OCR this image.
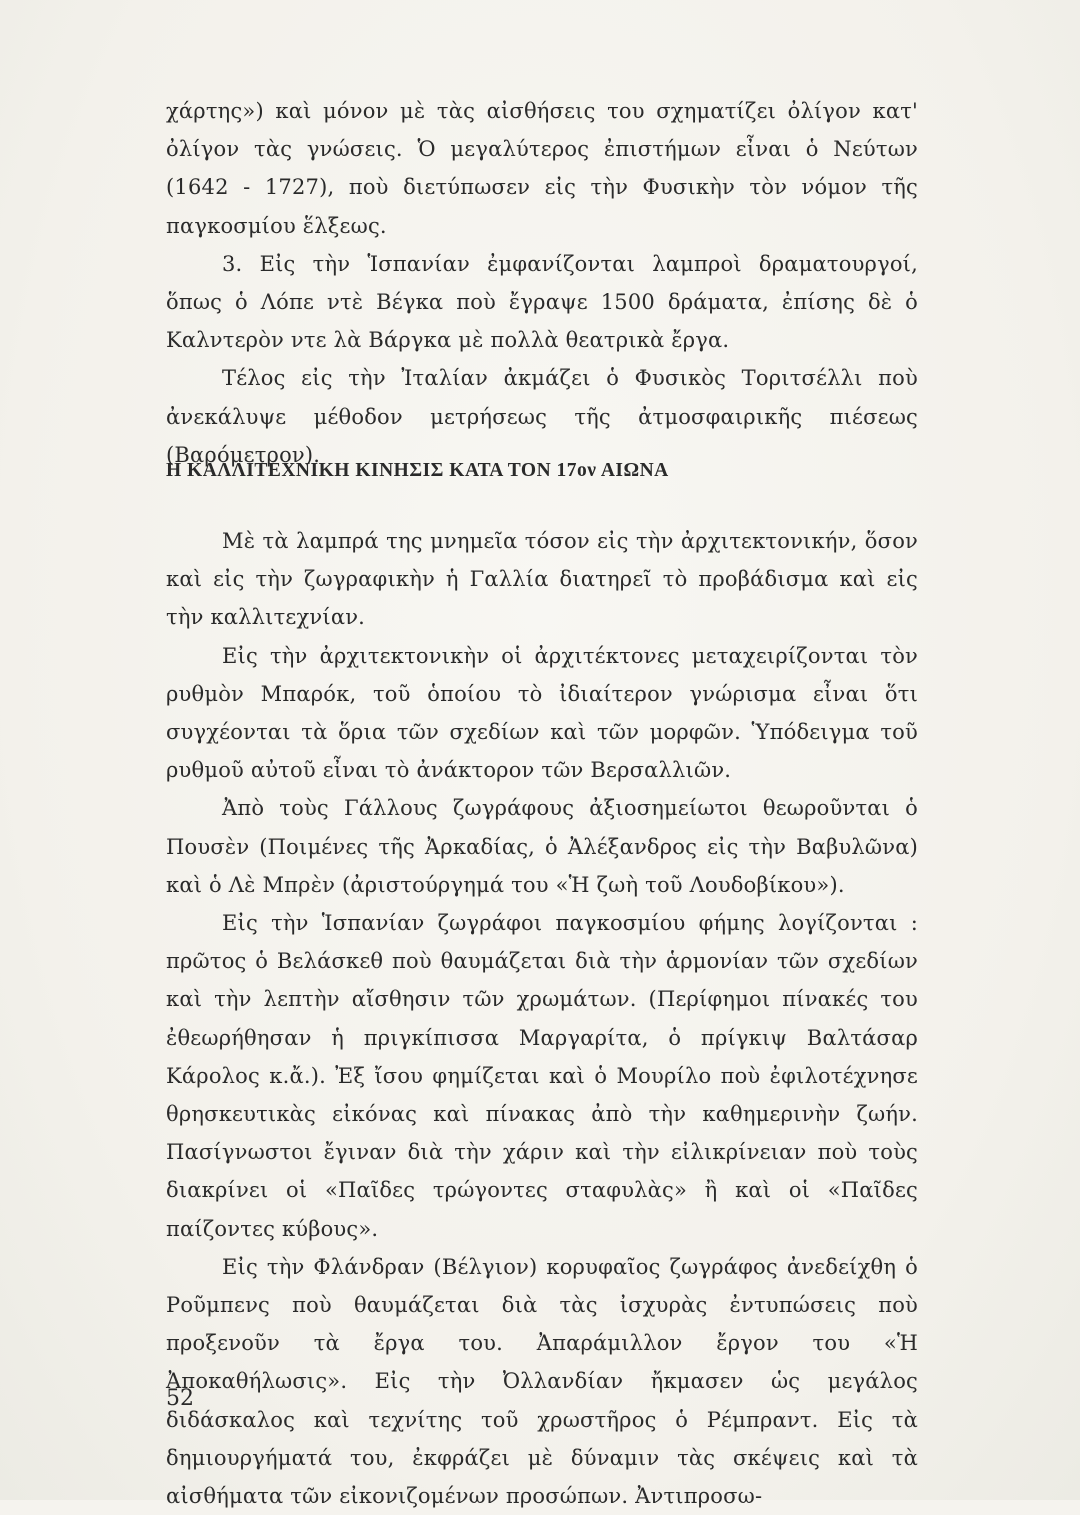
χάρτης») καὶ μόνον μὲ τὰς αἰσθήσεις του σχηματίζει ὀλίγον κατ' ὀλίγον τὰς γνώσεις. Ὁ μεγαλύτερος ἐπιστήμων εἶναι ὁ Νεύτων (1642 - 1727), ποὺ διετύπωσεν εἰς τὴν Φυσικὴν τὸν νόμον τῆς παγκοσμίου ἕλξεως.

3. Εἰς τὴν Ἱσπανίαν ἐμφανίζονται λαμπροὶ δραματουργοί, ὅπως ὁ Λόπε ντὲ Βέγκα ποὺ ἔγραψε 1500 δράματα, ἐπίσης δὲ ὁ Καλντερὸν ντε λὰ Βάργκα μὲ πολλὰ θεατρικὰ ἔργα.

Τέλος εἰς τὴν Ἰταλίαν ἀκμάζει ὁ Φυσικὸς Τοριτσέλλι ποὺ ἀνεκάλυψε μέθοδον μετρήσεως τῆς ἀτμοσφαιρικῆς πιέσεως (Βαρόμετρον).

Η ΚΑΛΛΙΤΕΧΝΙΚΗ ΚΙΝΗΣΙΣ ΚΑΤΑ ΤΟΝ 17ον ΑΙΩΝΑ

Μὲ τὰ λαμπρά της μνημεῖα τόσον εἰς τὴν ἀρχιτεκτονικήν, ὅσον καὶ εἰς τὴν ζωγραφικὴν ἡ Γαλλία διατηρεῖ τὸ προβάδισμα καὶ εἰς τὴν καλλιτεχνίαν.

Εἰς τὴν ἀρχιτεκτονικὴν οἱ ἀρχιτέκτονες μεταχειρίζονται τὸν ρυθμὸν Μπαρόκ, τοῦ ὁποίου τὸ ἰδιαίτερον γνώρισμα εἶναι ὅτι συγχέονται τὰ ὅρια τῶν σχεδίων καὶ τῶν μορφῶν. Ὑπόδειγμα τοῦ ρυθμοῦ αὐτοῦ εἶναι τὸ ἀνάκτορον τῶν Βερσαλλιῶν.

Ἀπὸ τοὺς Γάλλους ζωγράφους ἀξιοσημείωτοι θεωροῦνται ὁ Πουσὲν (Ποιμένες τῆς Ἀρκαδίας, ὁ Ἀλέξανδρος εἰς τὴν Βαβυλῶνα) καὶ ὁ Λὲ Μπρὲν (ἀριστούργημά του «Ἡ ζωὴ τοῦ Λουδοβίκου»).

Εἰς τὴν Ἱσπανίαν ζωγράφοι παγκοσμίου φήμης λογίζονται : πρῶτος ὁ Βελάσκεθ ποὺ θαυμάζεται διὰ τὴν ἁρμονίαν τῶν σχεδίων καὶ τὴν λεπτὴν αἴσθησιν τῶν χρωμάτων. (Περίφημοι πίνακές του ἐθεωρήθησαν ἡ πριγκίπισσα Μαργαρίτα, ὁ πρίγκιψ Βαλτάσαρ Κάρολος κ.ἄ.). Ἐξ ἴσου φημίζεται καὶ ὁ Μουρίλο ποὺ ἐφιλοτέχνησε θρησκευτικὰς εἰκόνας καὶ πίνακας ἀπὸ τὴν καθημερινὴν ζωήν. Πασίγνωστοι ἔγιναν διὰ τὴν χάριν καὶ τὴν εἰλικρίνειαν ποὺ τοὺς διακρίνει οἱ «Παῖδες τρώγοντες σταφυλὰς» ἢ καὶ οἱ «Παῖδες παίζοντες κύβους».

Εἰς τὴν Φλάνδραν (Βέλγιον) κορυφαῖος ζωγράφος ἀνεδείχθη ὁ Ροῦμπενς ποὺ θαυμάζεται διὰ τὰς ἰσχυρὰς ἐντυπώσεις ποὺ προξενοῦν τὰ ἔργα του. Ἀπαράμιλλον ἔργον του «Ἡ Ἀποκαθήλωσις». Εἰς τὴν Ὀλλανδίαν ἤκμασεν ὡς μεγάλος διδάσκαλος καὶ τεχνίτης τοῦ χρωστῆρος ὁ Ρέμπραντ. Εἰς τὰ δημιουργήματά του, ἐκφράζει μὲ δύναμιν τὰς σκέψεις καὶ τὰ αἰσθήματα τῶν εἰκονιζομένων προσώπων. Ἀντιπροσω-

52
